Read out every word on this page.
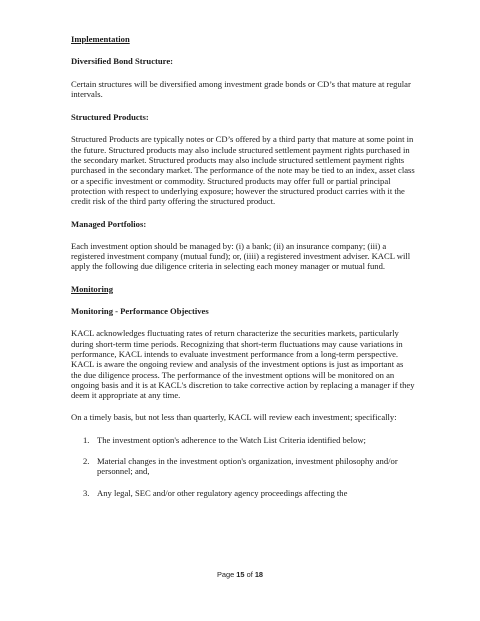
Implementation

Diversified Bond Structure:

Certain structures will be diversified among investment grade bonds or CD’s that mature at regular intervals.

Structured Products:

Structured Products are typically notes or CD’s offered by a third party that mature at some point in the future. Structured products may also include structured settlement payment rights purchased in the secondary market. Structured products may also include structured settlement payment rights purchased in the secondary market. The performance of the note may be tied to an index, asset class or a specific investment or commodity. Structured products may offer full or partial principal protection with respect to underlying exposure; however the structured product carries with it the credit risk of the third party offering the structured product.

Managed Portfolios:

Each investment option should be managed by: (i) a bank; (ii) an insurance company; (iii) a registered investment company (mutual fund); or, (iiii) a registered investment adviser. KACL will apply the following due diligence criteria in selecting each money manager or mutual fund.

Monitoring

Monitoring - Performance Objectives

KACL acknowledges fluctuating rates of return characterize the securities markets, particularly during short-term time periods. Recognizing that short-term fluctuations may cause variations in performance, KACL intends to evaluate investment performance from a long-term perspective.

KACL is aware the ongoing review and analysis of the investment options is just as important as the due diligence process. The performance of the investment options will be monitored on an ongoing basis and it is at KACL's discretion to take corrective action by replacing a manager if they deem it appropriate at any time.

On a timely basis, but not less than quarterly, KACL will review each investment; specifically:

1. The investment option's adherence to the Watch List Criteria identified below;
2. Material changes in the investment option's organization, investment philosophy and/or personnel; and,
3. Any legal, SEC and/or other regulatory agency proceedings affecting the
Page 15 of 18
